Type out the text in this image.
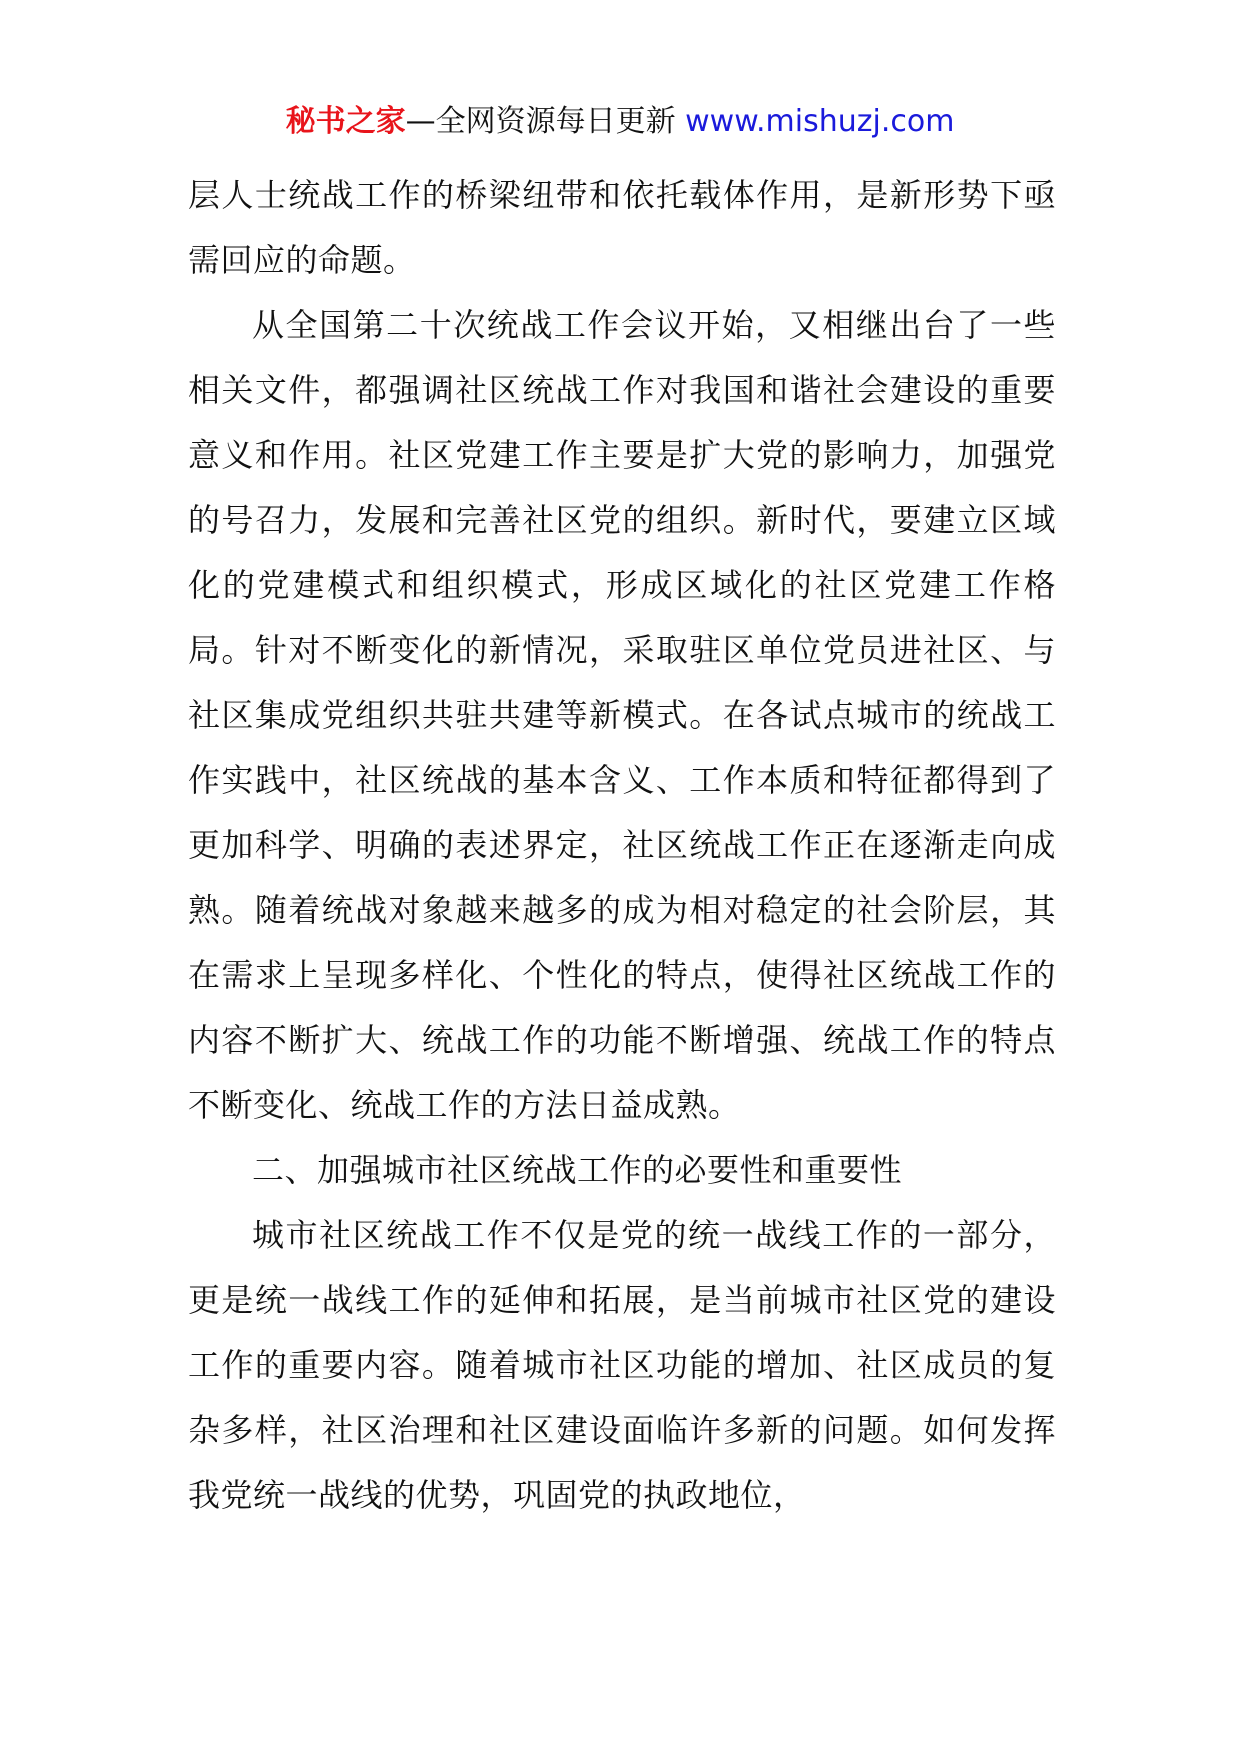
秘书之家—全网资源每日更新 www.mishuzj.com

层人士统战工作的桥梁纽带和依托载体作用，是新形势下亟需回应的命题。

从全国第二十次统战工作会议开始，又相继出台了一些相关文件，都强调社区统战工作对我国和谐社会建设的重要意义和作用。社区党建工作主要是扩大党的影响力，加强党的号召力，发展和完善社区党的组织。新时代，要建立区域化的党建模式和组织模式，形成区域化的社区党建工作格局。针对不断变化的新情况，采取驻区单位党员进社区、与社区集成党组织共驻共建等新模式。在各试点城市的统战工作实践中，社区统战的基本含义、工作本质和特征都得到了更加科学、明确的表述界定，社区统战工作正在逐渐走向成熟。随着统战对象越来越多的成为相对稳定的社会阶层，其在需求上呈现多样化、个性化的特点，使得社区统战工作的内容不断扩大、统战工作的功能不断增强、统战工作的特点不断变化、统战工作的方法日益成熟。

二、加强城市社区统战工作的必要性和重要性

城市社区统战工作不仅是党的统一战线工作的一部分，更是统一战线工作的延伸和拓展，是当前城市社区党的建设工作的重要内容。随着城市社区功能的增加、社区成员的复杂多样，社区治理和社区建设面临许多新的问题。如何发挥我党统一战线的优势，巩固党的执政地位，
